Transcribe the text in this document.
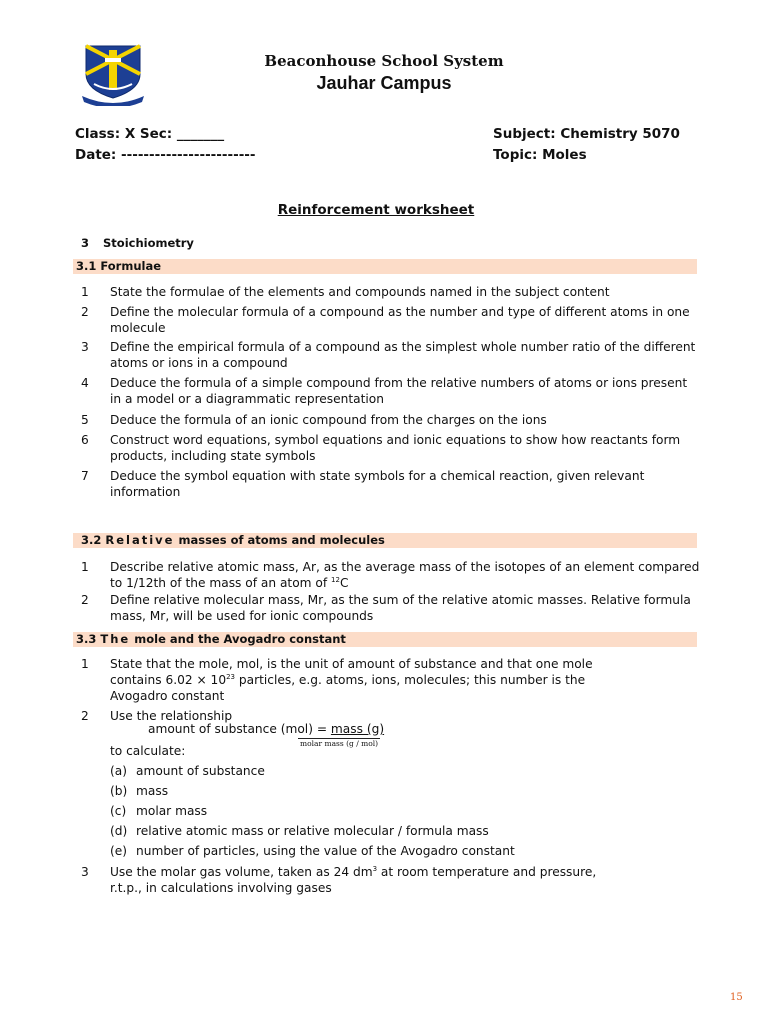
Beaconhouse School System
Jauhar Campus
Class: X Sec: _______
Date: ------------------------
Subject: Chemistry 5070
Topic: Moles
Reinforcement worksheet
3 Stoichiometry
3.1 Formulae
1 State the formulae of the elements and compounds named in the subject content
2 Define the molecular formula of a compound as the number and type of different atoms in one molecule
3 Define the empirical formula of a compound as the simplest whole number ratio of the different atoms or ions in a compound
4 Deduce the formula of a simple compound from the relative numbers of atoms or ions present in a model or a diagrammatic representation
5 Deduce the formula of an ionic compound from the charges on the ions
6 Construct word equations, symbol equations and ionic equations to show how reactants form products, including state symbols
7 Deduce the symbol equation with state symbols for a chemical reaction, given relevant information
3.2 Relative masses of atoms and molecules
1 Describe relative atomic mass, Ar, as the average mass of the isotopes of an element compared to 1/12th of the mass of an atom of $^{12}$C
2 Define relative molecular mass, Mr, as the sum of the relative atomic masses. Relative formula mass, Mr, will be used for ionic compounds
3.3 The mole and the Avogadro constant
1 State that the mole, mol, is the unit of amount of substance and that one mole contains $6.02 \times 10^{23}$ particles, e.g. atoms, ions, molecules; this number is the Avogadro constant
2 Use the relationship
amount of substance (mol) = mass (g)
molar mass (g / mol)
to calculate:
(a) amount of substance
(b) mass
(c) molar mass
(d) relative atomic mass or relative molecular / formula mass
(e) number of particles, using the value of the Avogadro constant
3 Use the molar gas volume, taken as 24 $dm^3$ at room temperature and pressure, r.t.p., in calculations involving gases
15
